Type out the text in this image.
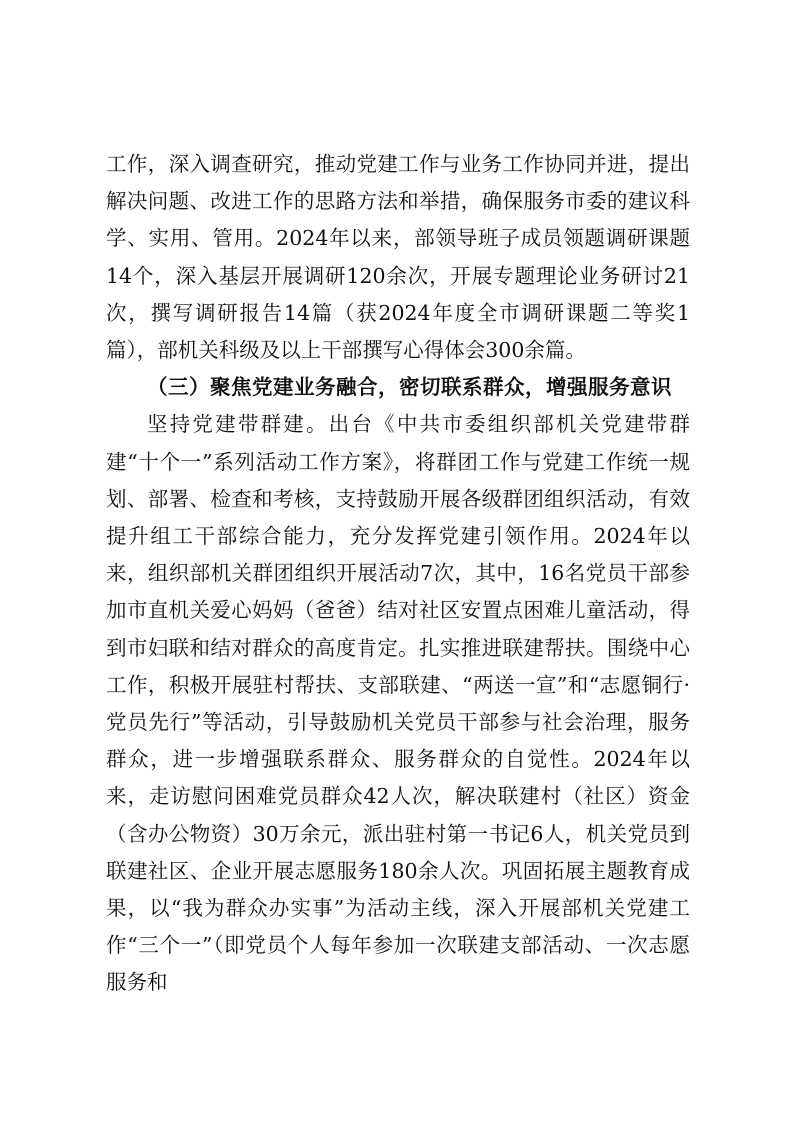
工作，深入调查研究，推动党建工作与业务工作协同并进，提出解决问题、改进工作的思路方法和举措，确保服务市委的建议科学、实用、管用。2024年以来，部领导班子成员领题调研课题14个，深入基层开展调研120余次，开展专题理论业务研讨21次，撰写调研报告14篇（获2024年度全市调研课题二等奖1篇），部机关科级及以上干部撰写心得体会300余篇。

（三）聚焦党建业务融合，密切联系群众，增强服务意识

坚持党建带群建。出台《中共市委组织部机关党建带群建“十个一”系列活动工作方案》，将群团工作与党建工作统一规划、部署、检查和考核，支持鼓励开展各级群团组织活动，有效提升组工干部综合能力，充分发挥党建引领作用。2024年以来，组织部机关群团组织开展活动7次，其中，16名党员干部参加市直机关爱心妈妈（爸爸）结对社区安置点困难儿童活动，得到市妇联和结对群众的高度肯定。扎实推进联建帮扶。围绕中心工作，积极开展驻村帮扶、支部联建、“两送一宣”和“志愿铜行·党员先行”等活动，引导鼓励机关党员干部参与社会治理，服务群众，进一步增强联系群众、服务群众的自觉性。2024年以来，走访慰问困难党员群众42人次，解决联建村（社区）资金（含办公物资）30万余元，派出驻村第一书记6人，机关党员到联建社区、企业开展志愿服务180余人次。巩固拓展主题教育成果，以“我为群众办实事”为活动主线，深入开展部机关党建工作“三个一”（即党员个人每年参加一次联建支部活动、一次志愿服务和
